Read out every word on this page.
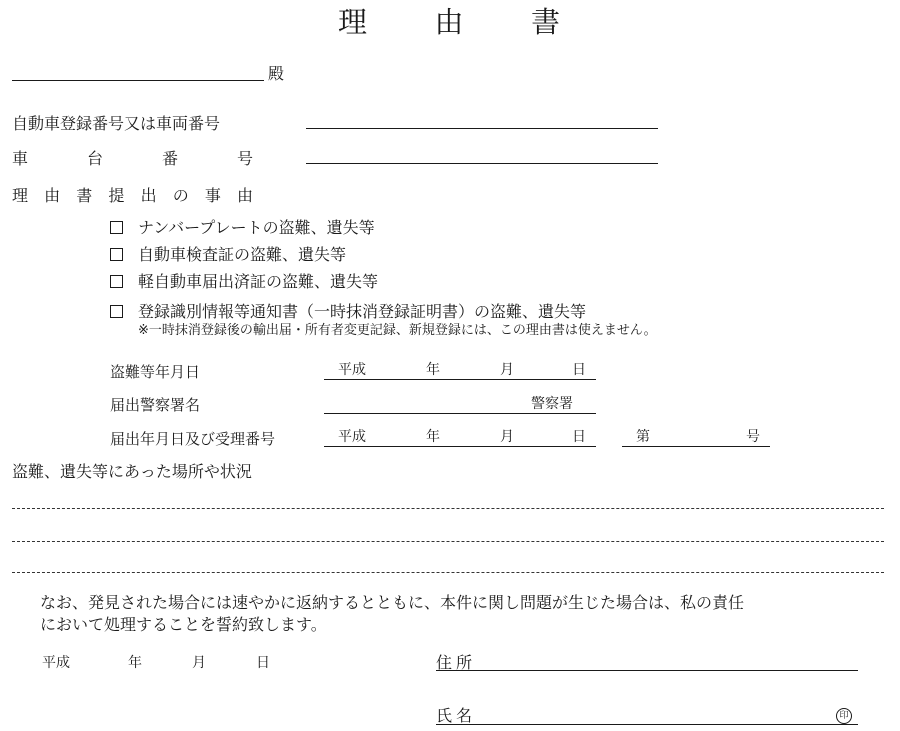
理 由 書
殿
自動車登録番号又は車両番号
車	台	番	号
理 由 書 提 出 の 事 由
ナンバープレートの盗難、遺失等
自動車検査証の盗難、遺失等
軽自動車届出済証の盗難、遺失等
登録識別情報等通知書（一時抹消登録証明書）の盗難、遺失等
※一時抹消登録後の輸出届・所有者変更記録、新規登録には、この理由書は使えません。
盗難等年月日	平成	年	月	日
届出警察署名	警察署
届出年月日及び受理番号	平成	年	月	日	第	号
盗難、遺失等にあった場所や状況
なお、発見された場合には速やかに返納するとともに、本件に関し問題が生じた場合は、私の責任
において処理することを誓約致します。
平成	年	月	日	住所
氏名	印
